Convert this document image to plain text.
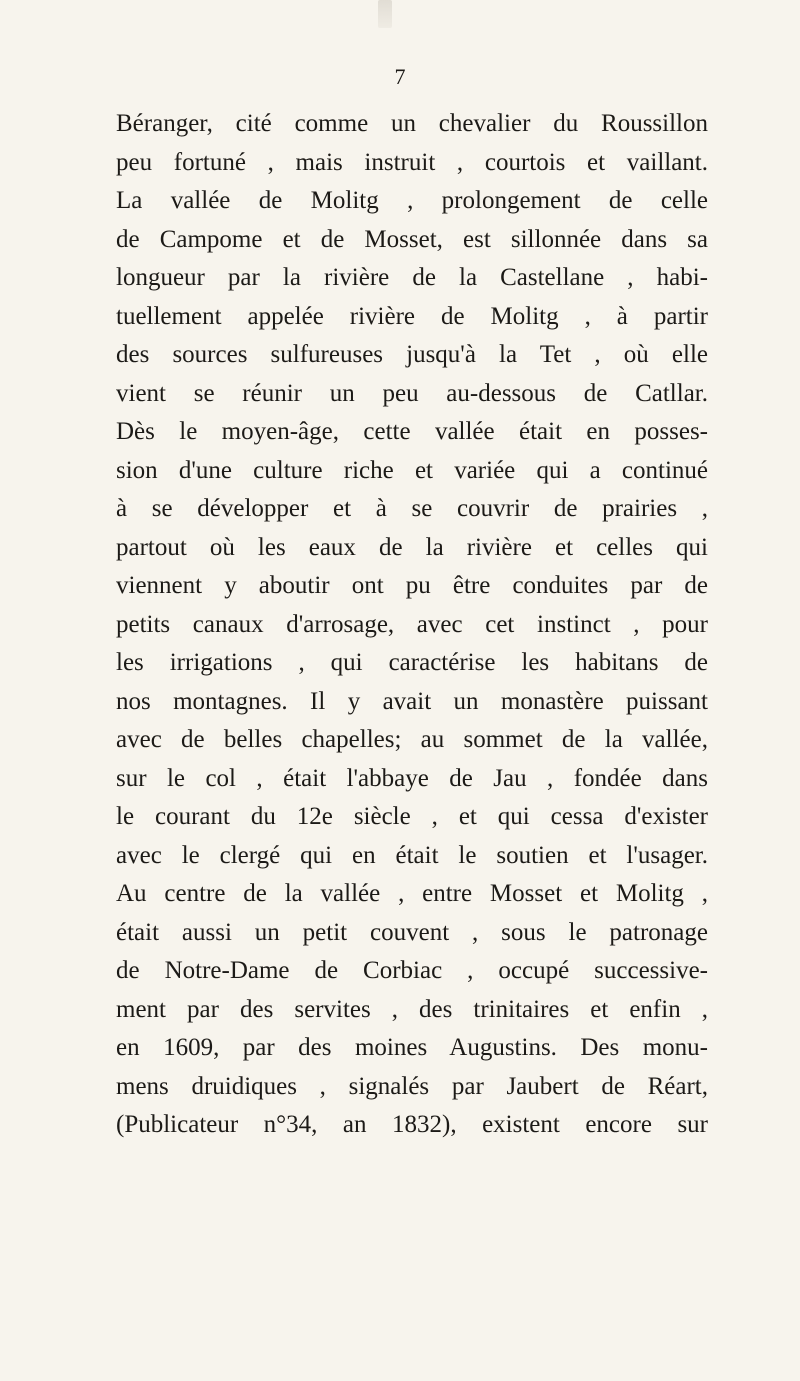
7
Béranger, cité comme un chevalier du Roussillon
peu fortuné , mais instruit , courtois et vaillant.
La vallée de Molitg , prolongement de celle
de Campome et de Mosset, est sillonnée dans sa
longueur par la rivière de la Castellane , habi-
tuellement appelée rivière de Molitg , à partir
des sources sulfureuses jusqu'à la Tet , où elle
vient se réunir un peu au-dessous de Catllar.
Dès le moyen-âge, cette vallée était en posses-
sion d'une culture riche et variée qui a continué
à se développer et à se couvrir de prairies ,
partout où les eaux de la rivière et celles qui
viennent y aboutir ont pu être conduites par de
petits canaux d'arrosage, avec cet instinct , pour
les irrigations , qui caractérise les habitans de
nos montagnes. Il y avait un monastère puissant
avec de belles chapelles; au sommet de la vallée,
sur le col , était l'abbaye de Jau , fondée dans
le courant du 12e siècle , et qui cessa d'exister
avec le clergé qui en était le soutien et l'usager.
Au centre de la vallée , entre Mosset et Molitg ,
était aussi un petit couvent , sous le patronage
de Notre-Dame de Corbiac , occupé successive-
ment par des servites , des trinitaires et enfin ,
en 1609, par des moines Augustins. Des monu-
mens druidiques , signalés par Jaubert de Réart,
(Publicateur n°34, an 1832), existent encore sur
